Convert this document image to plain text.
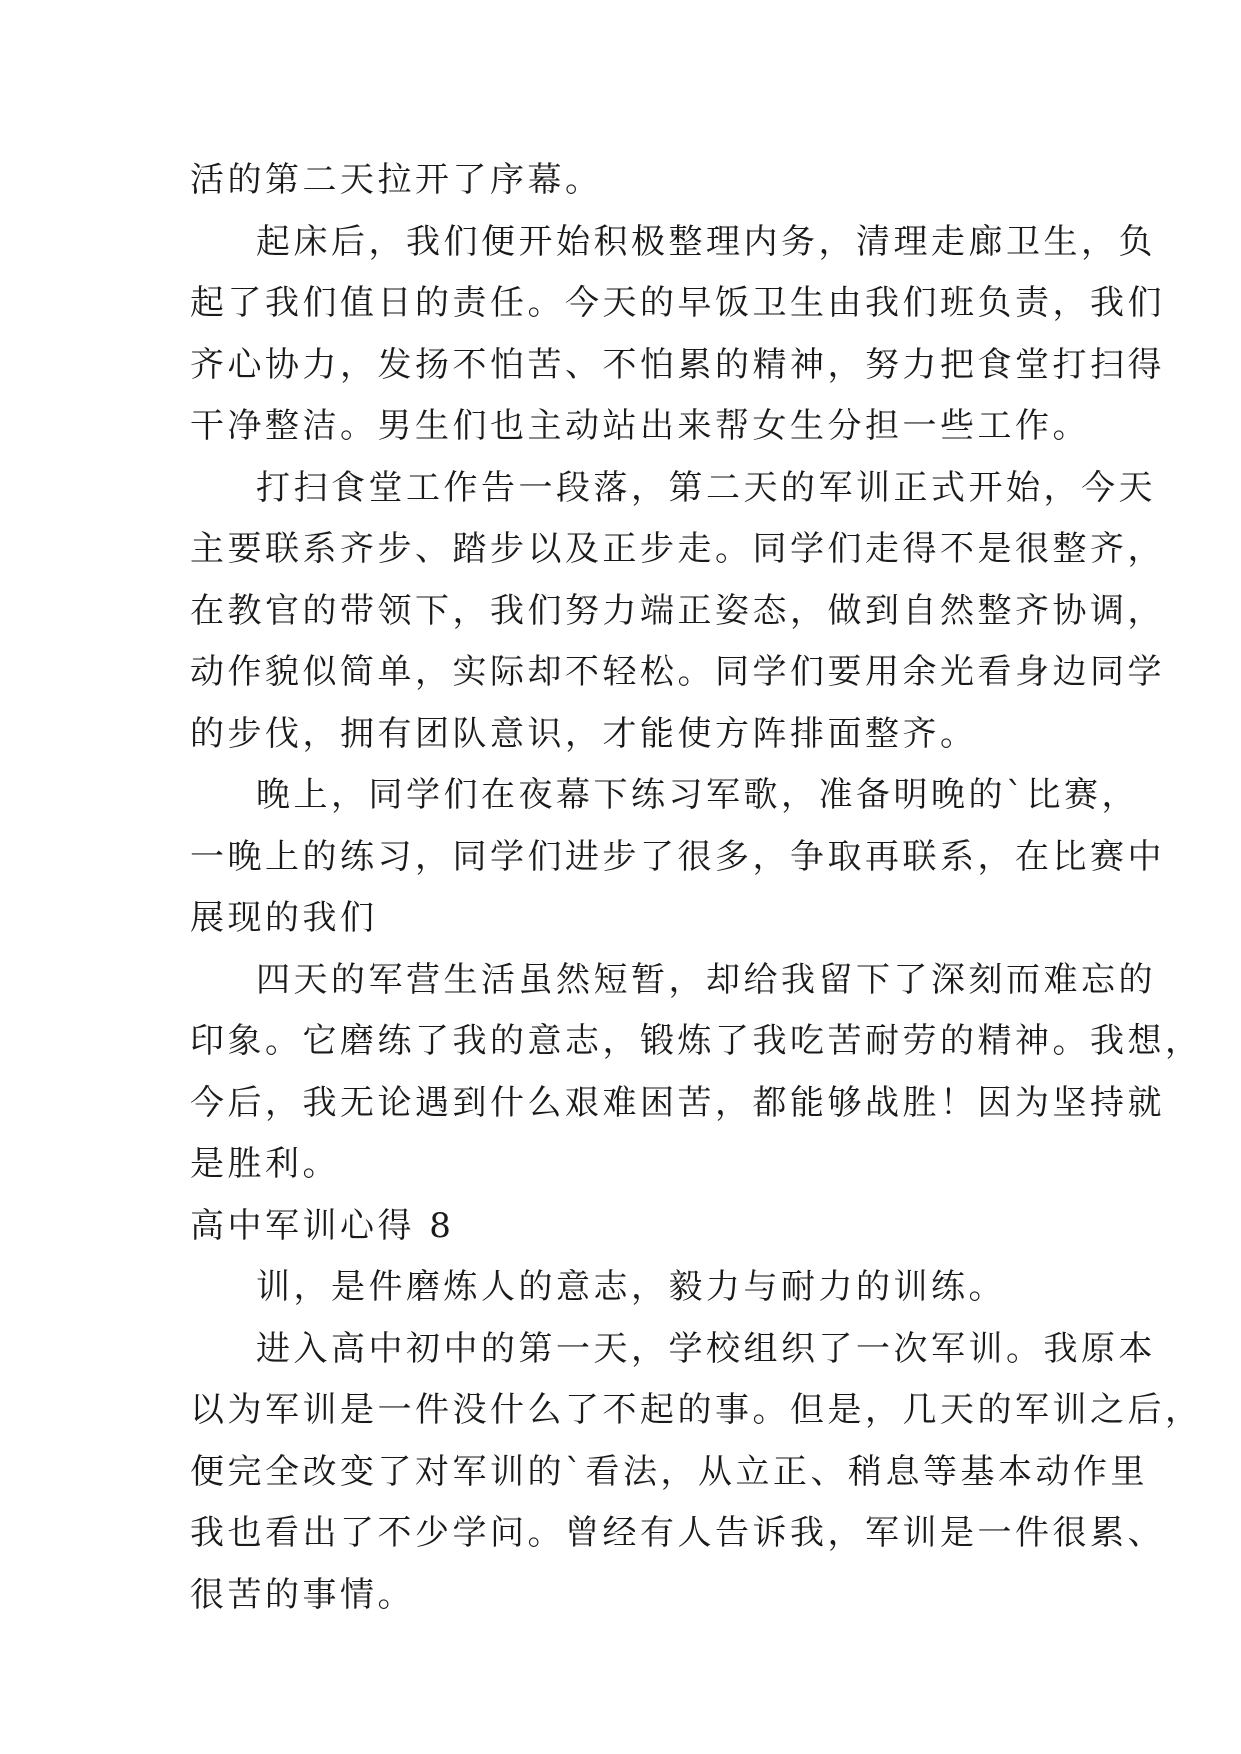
活的第二天拉开了序幕。
起床后，我们便开始积极整理内务，清理走廊卫生，负
起了我们值日的责任。今天的早饭卫生由我们班负责，我们
齐心协力，发扬不怕苦、不怕累的精神，努力把食堂打扫得
干净整洁。男生们也主动站出来帮女生分担一些工作。
打扫食堂工作告一段落，第二天的军训正式开始，今天
主要联系齐步、踏步以及正步走。同学们走得不是很整齐，
在教官的带领下，我们努力端正姿态，做到自然整齐协调，
动作貌似简单，实际却不轻松。同学们要用余光看身边同学
的步伐，拥有团队意识，才能使方阵排面整齐。
晚上，同学们在夜幕下练习军歌，准备明晚的`比赛，
一晚上的练习，同学们进步了很多，争取再联系，在比赛中
展现的我们
四天的军营生活虽然短暂，却给我留下了深刻而难忘的
印象。它磨练了我的意志，锻炼了我吃苦耐劳的精神。我想，
今后，我无论遇到什么艰难困苦，都能够战胜！因为坚持就
是胜利。
高中军训心得 8
训，是件磨炼人的意志，毅力与耐力的训练。
进入高中初中的第一天，学校组织了一次军训。我原本
以为军训是一件没什么了不起的事。但是，几天的军训之后，
便完全改变了对军训的`看法，从立正、稍息等基本动作里
我也看出了不少学问。曾经有人告诉我，军训是一件很累、
很苦的事情。
